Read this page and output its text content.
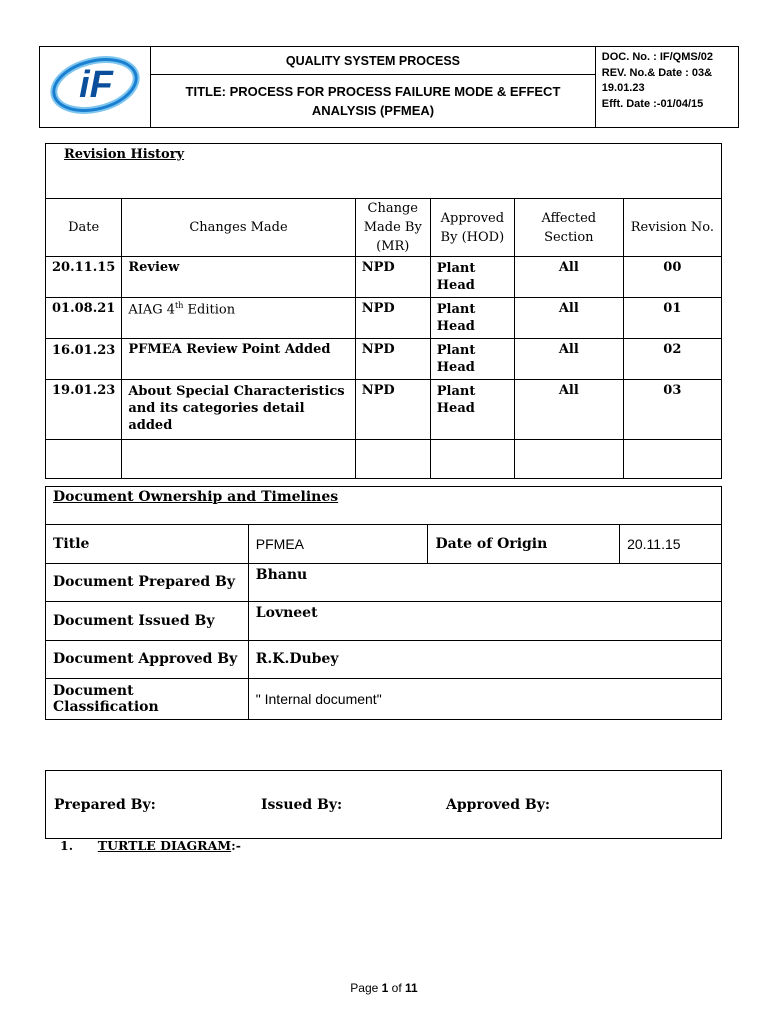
iF
	QUALITY SYSTEM PROCESS	DOC. No. : IF/QMS/02
REV. No.& Date : 03&
19.01.23
Efft. Date :-01/04/15

TITLE: PROCESS FOR PROCESS FAILURE MODE & EFFECT ANALYSIS (PFMEA)
Revision History					
Date	Changes Made	Change Made By (MR)	Approved By (HOD)	Affected Section	Revision No.
20.11.15	Review	NPD	Plant Head	All	00
01.08.21	AIAG 4th Edition	NPD	Plant Head	All	01
16.01.23	PFMEA Review Point Added	NPD	Plant Head	All	02
19.01.23	About Special Characteristics and its categories detail added	NPD	Plant Head	All	03

Document Ownership and Timelines			
Title	PFMEA	Date of Origin	20.11.15
Document Prepared By	Bhanu		
Document Issued By	Lovneet		
Document Approved By	R.K.Dubey		
Document Classification	" Internal document"		
Prepared By:	Issued By:	Approved By:
1. TURTLE DIAGRAM:-
Page 1 of 11
